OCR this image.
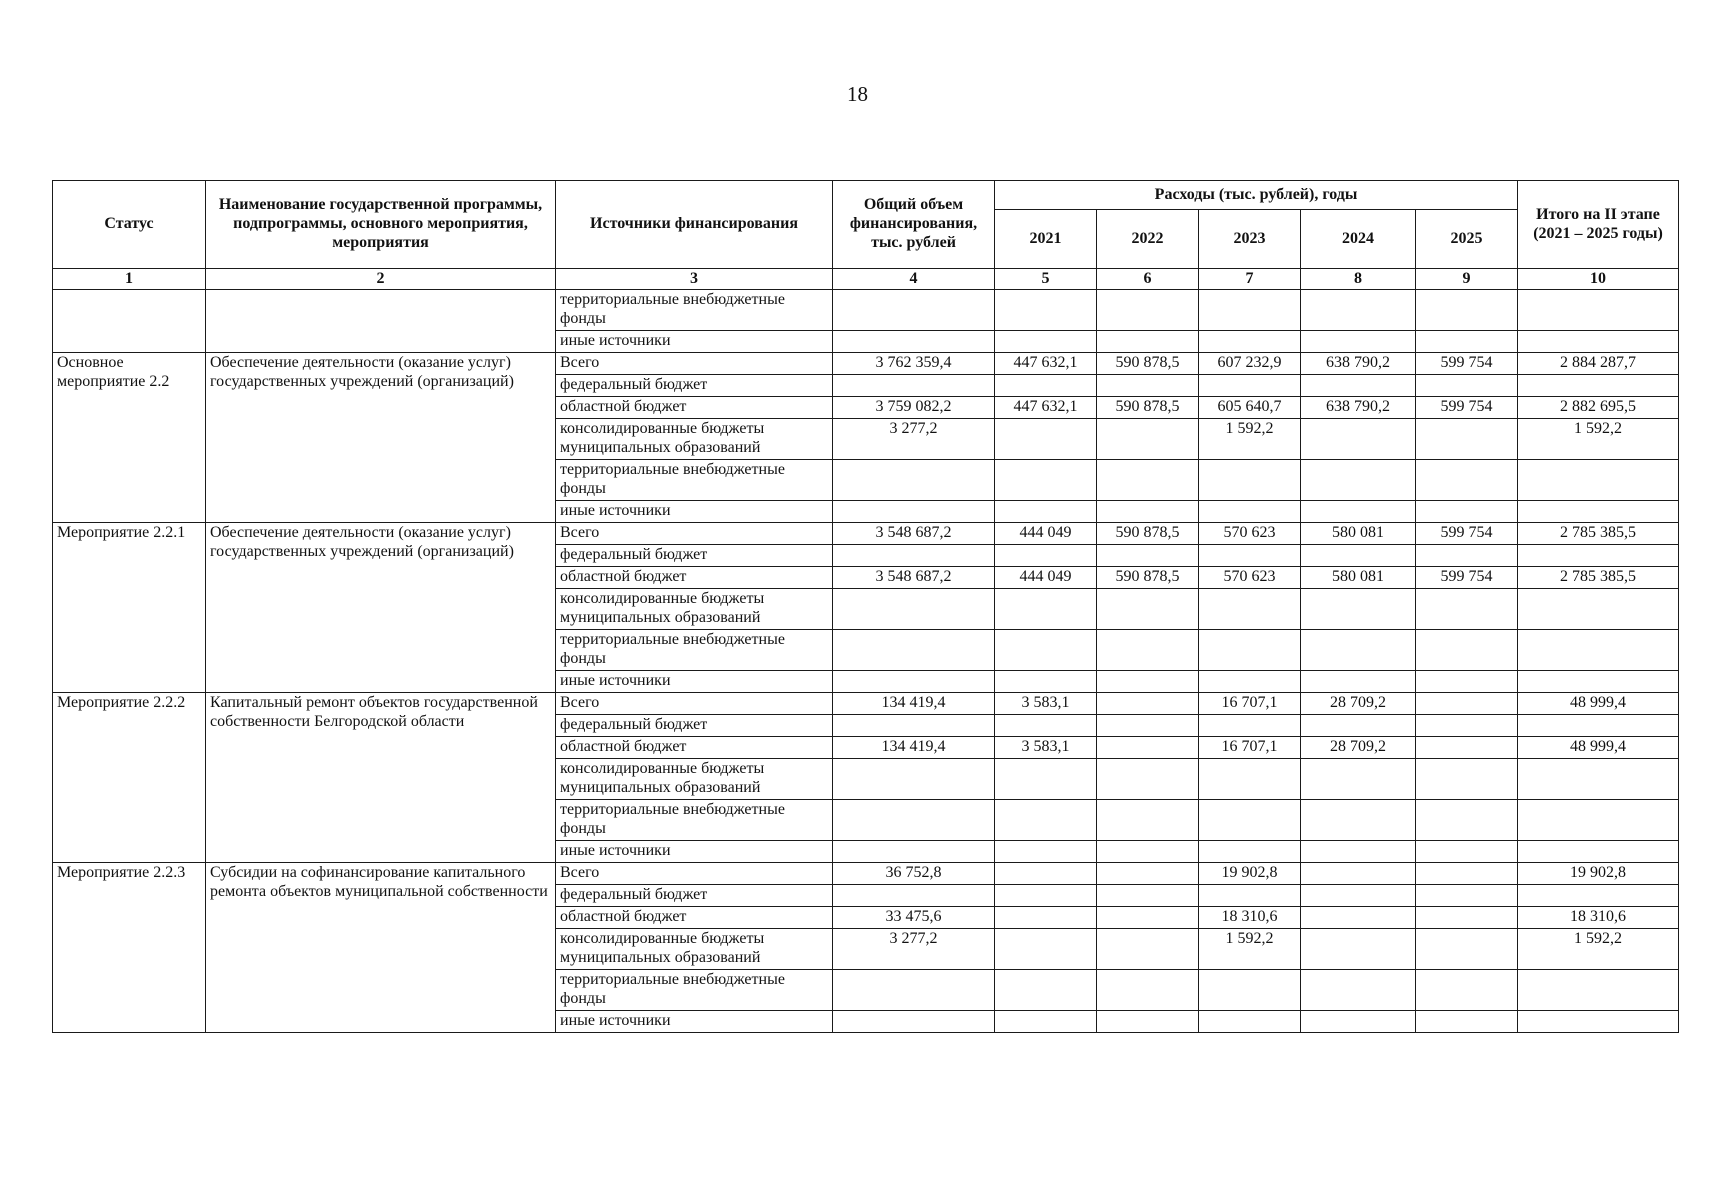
18
Статус	Наименование государственной программы, подпрограммы, основного мероприятия, мероприятия	Источники финансирования	Общий объем финансирования, тыс. рублей	Расходы (тыс. рублей), годы					Итого на II этапе (2021 – 2025 годы)
				2021	2022	2023	2024	2025	
1	2	3	4	5	6	7	8	9	10
		территориальные внебюджетные фонды							
		иные источники							
Основное мероприятие 2.2	Обеспечение деятельности (оказание услуг) государственных учреждений (организаций)	Всего	3 762 359,4	447 632,1	590 878,5	607 232,9	638 790,2	599 754	2 884 287,7
		федеральный бюджет							
		областной бюджет	3 759 082,2	447 632,1	590 878,5	605 640,7	638 790,2	599 754	2 882 695,5
		консолидированные бюджеты муниципальных образований	3 277,2			1 592,2			1 592,2
		территориальные внебюджетные фонды							
		иные источники							
Мероприятие 2.2.1	Обеспечение деятельности (оказание услуг) государственных учреждений (организаций)	Всего	3 548 687,2	444 049	590 878,5	570 623	580 081	599 754	2 785 385,5
		федеральный бюджет							
		областной бюджет	3 548 687,2	444 049	590 878,5	570 623	580 081	599 754	2 785 385,5
		консолидированные бюджеты муниципальных образований							
		территориальные внебюджетные фонды							
		иные источники							
Мероприятие 2.2.2	Капитальный ремонт объектов государственной собственности Белгородской области	Всего	134 419,4	3 583,1		16 707,1	28 709,2		48 999,4
		федеральный бюджет							
		областной бюджет	134 419,4	3 583,1		16 707,1	28 709,2		48 999,4
		консолидированные бюджеты муниципальных образований							
		территориальные внебюджетные фонды							
		иные источники							
Мероприятие 2.2.3	Субсидии на софинансирование капитального ремонта объектов муниципальной собственности	Всего	36 752,8			19 902,8			19 902,8
		федеральный бюджет							
		областной бюджет	33 475,6			18 310,6			18 310,6
		консолидированные бюджеты муниципальных образований	3 277,2			1 592,2			1 592,2
		территориальные внебюджетные фонды							
		иные источники							
